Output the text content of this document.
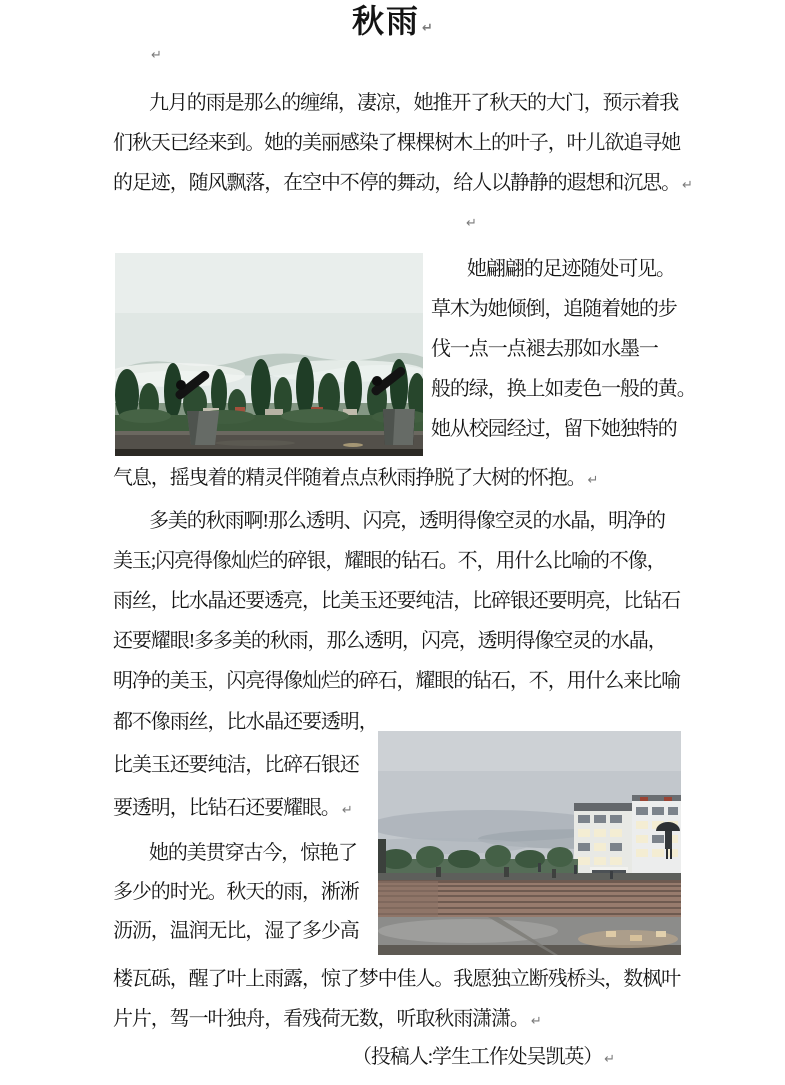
秋雨 ↵
↵
↵
九月的雨是那么的缠绵，凄凉，她推开了秋天的大门，预示着我
们秋天已经来到。她的美丽感染了棵棵树木上的叶子，叶儿欲追寻她
的足迹，随风飘落，在空中不停的舞动，给人以静静的遐想和沉思。 ↵
她翩翩的足迹随处可见。
草木为她倾倒，追随着她的步
伐一点一点褪去那如水墨一
般的绿，换上如麦色一般的黄。
她从校园经过，留下她独特的
气息，摇曳着的精灵伴随着点点秋雨挣脱了大树的怀抱。 ↵
多美的秋雨啊!那么透明、闪亮，透明得像空灵的水晶，明净的
美玉;闪亮得像灿烂的碎银，耀眼的钻石。不，用什么比喻的不像，
雨丝，比水晶还要透亮，比美玉还要纯洁，比碎银还要明亮，比钻石
还要耀眼!多多美的秋雨，那么透明，闪亮，透明得像空灵的水晶，
明净的美玉，闪亮得像灿烂的碎石，耀眼的钻石，不，用什么来比喻
都不像雨丝，比水晶还要透明，
比美玉还要纯洁，比碎石银还
要透明，比钻石还要耀眼。 ↵
她的美贯穿古今，惊艳了
多少的时光。秋天的雨，淅淅
沥沥，温润无比，湿了多少高
楼瓦砾，醒了叶上雨露，惊了梦中佳人。我愿独立断残桥头，数枫叶
片片，驾一叶独舟，看残荷无数，听取秋雨潇潇。 ↵
（投稿人:学生工作处吴凯英） ↵
